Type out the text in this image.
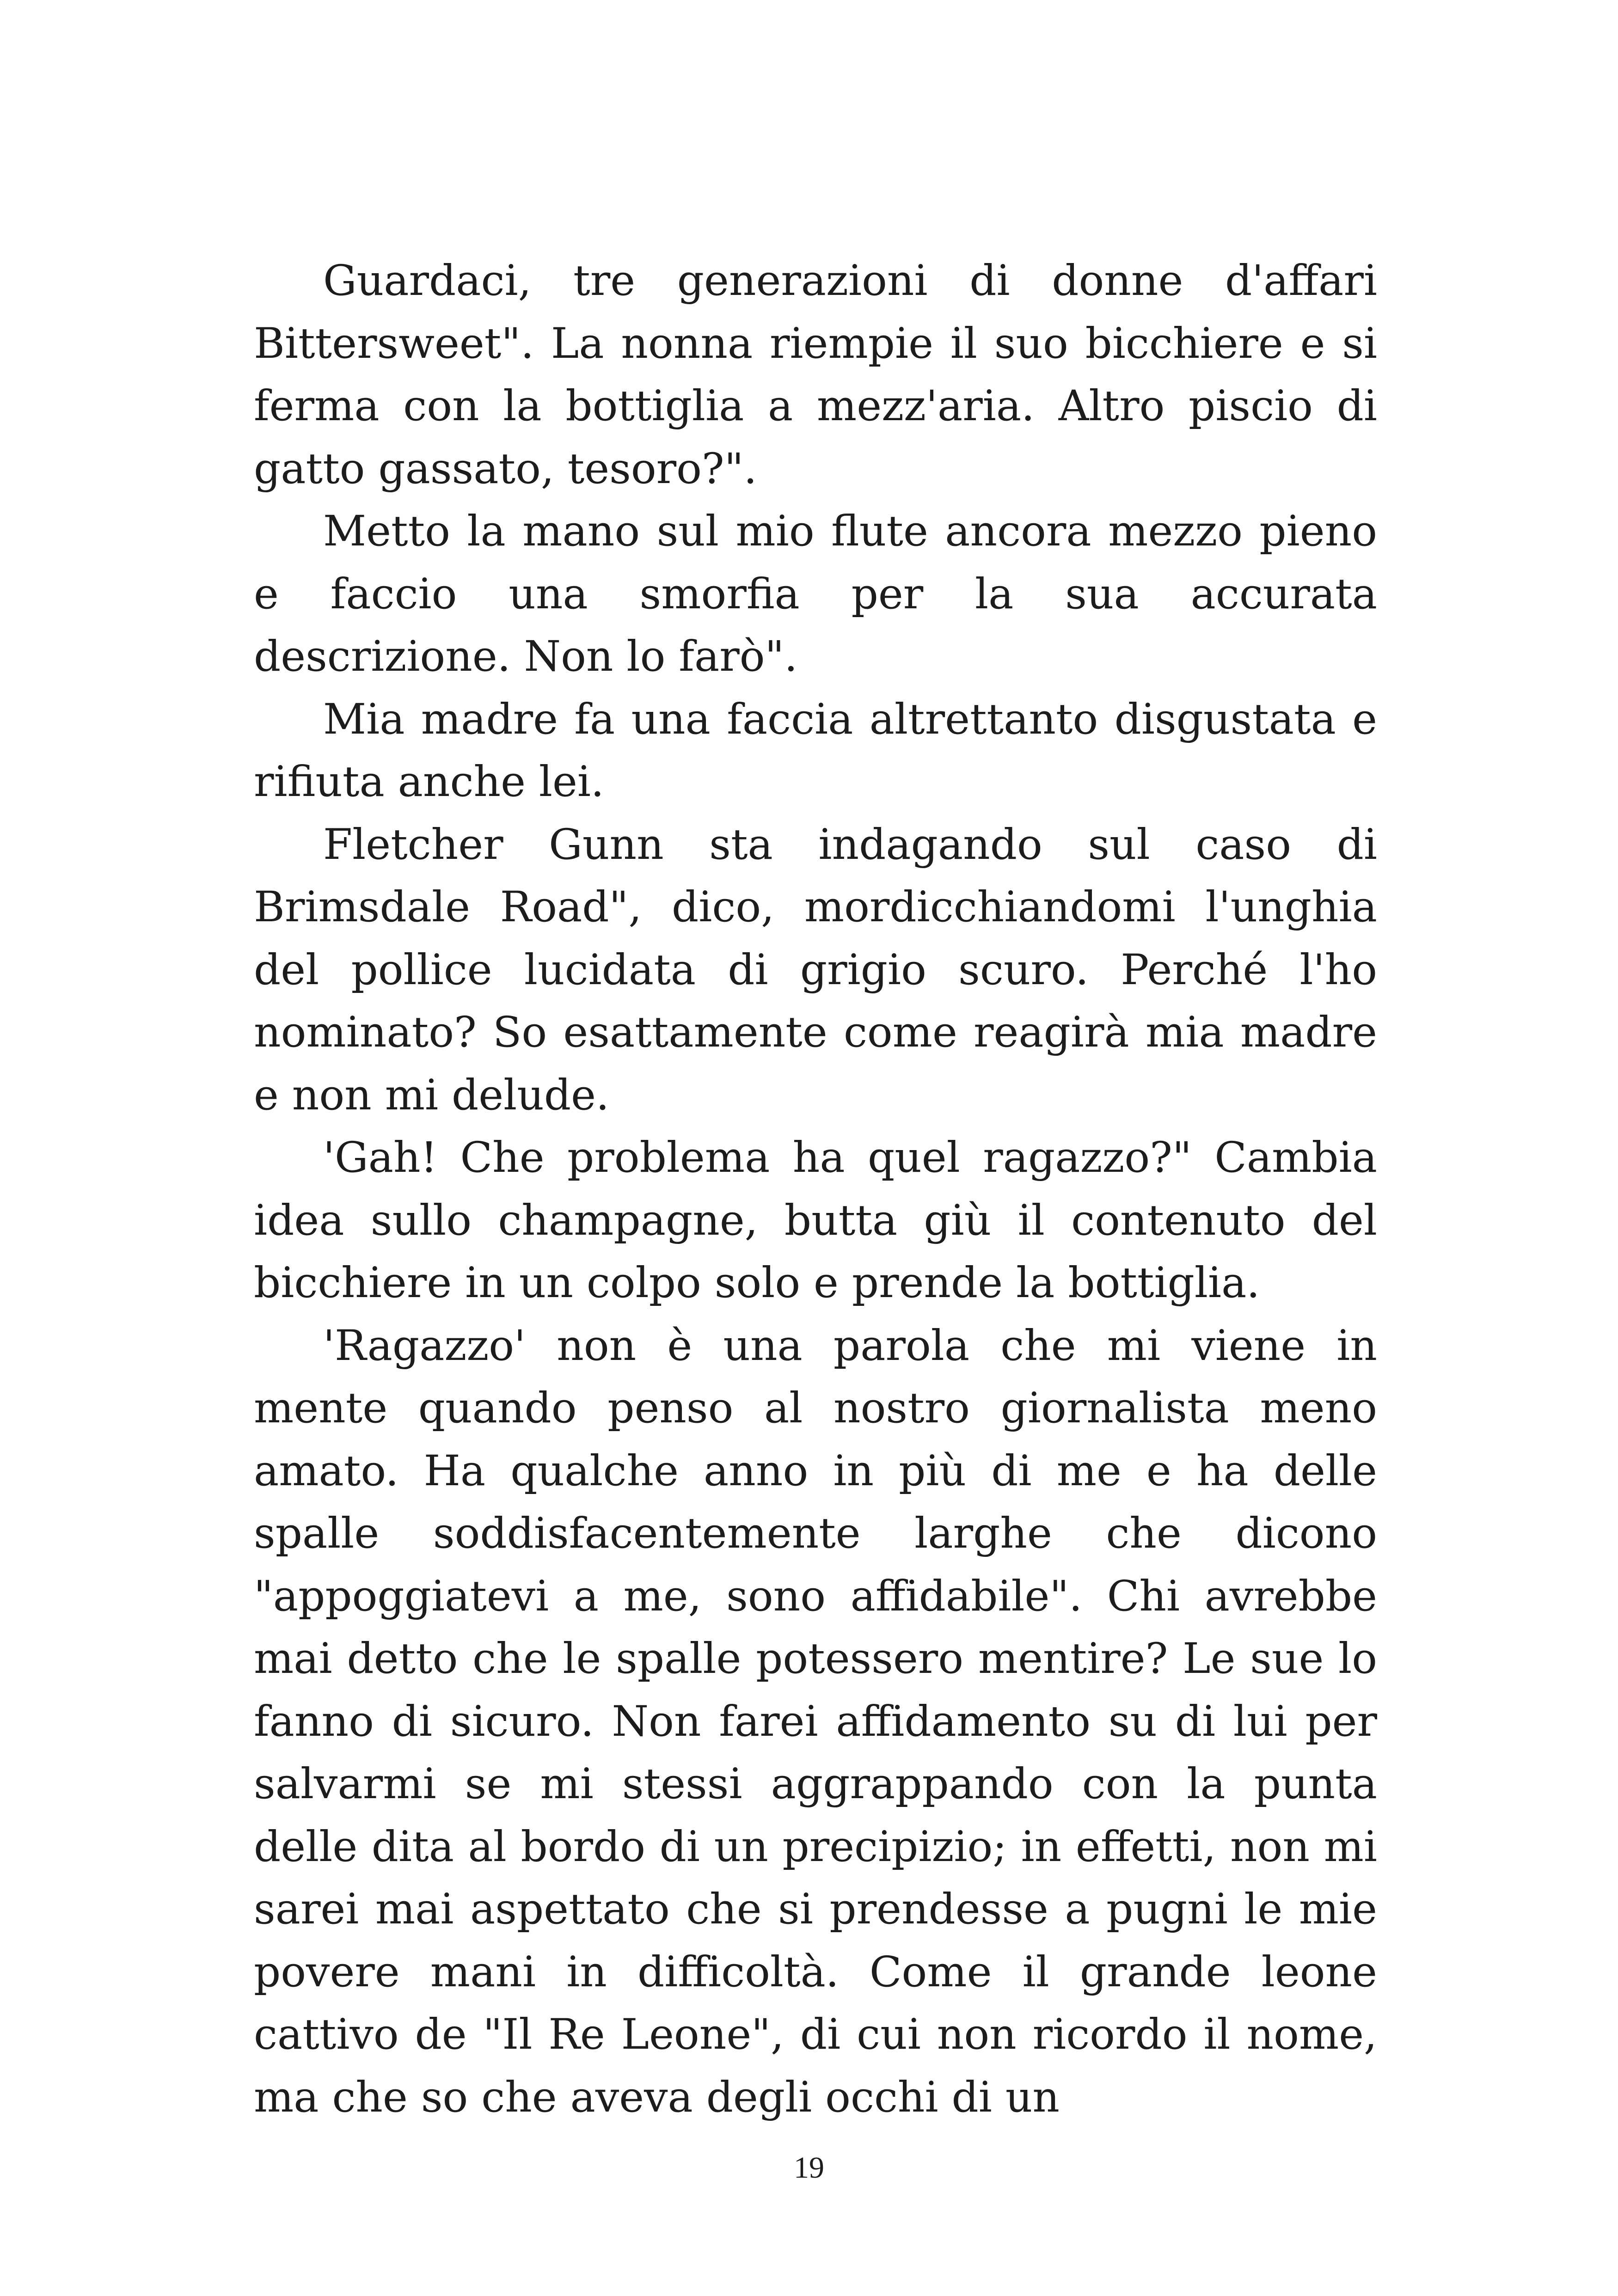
Guardaci, tre generazioni di donne d'affari Bittersweet". La nonna riempie il suo bicchiere e si ferma con la bottiglia a mezz'aria. Altro piscio di gatto gassato, tesoro?".

Metto la mano sul mio flute ancora mezzo pieno e faccio una smorfia per la sua accurata descrizione. Non lo farò".

Mia madre fa una faccia altrettanto disgustata e rifiuta anche lei.

Fletcher Gunn sta indagando sul caso di Brimsdale Road", dico, mordicchiandomi l'unghia del pollice lucidata di grigio scuro. Perché l'ho nominato? So esattamente come reagirà mia madre e non mi delude.

'Gah! Che problema ha quel ragazzo?" Cambia idea sullo champagne, butta giù il contenuto del bicchiere in un colpo solo e prende la bottiglia.

'Ragazzo' non è una parola che mi viene in mente quando penso al nostro giornalista meno amato. Ha qualche anno in più di me e ha delle spalle soddisfacentemente larghe che dicono "appoggiatevi a me, sono affidabile". Chi avrebbe mai detto che le spalle potessero mentire? Le sue lo fanno di sicuro. Non farei affidamento su di lui per salvarmi se mi stessi aggrappando con la punta delle dita al bordo di un precipizio; in effetti, non mi sarei mai aspettato che si prendesse a pugni le mie povere mani in difficoltà. Come il grande leone cattivo de "Il Re Leone", di cui non ricordo il nome, ma che so che aveva degli occhi di un

19
